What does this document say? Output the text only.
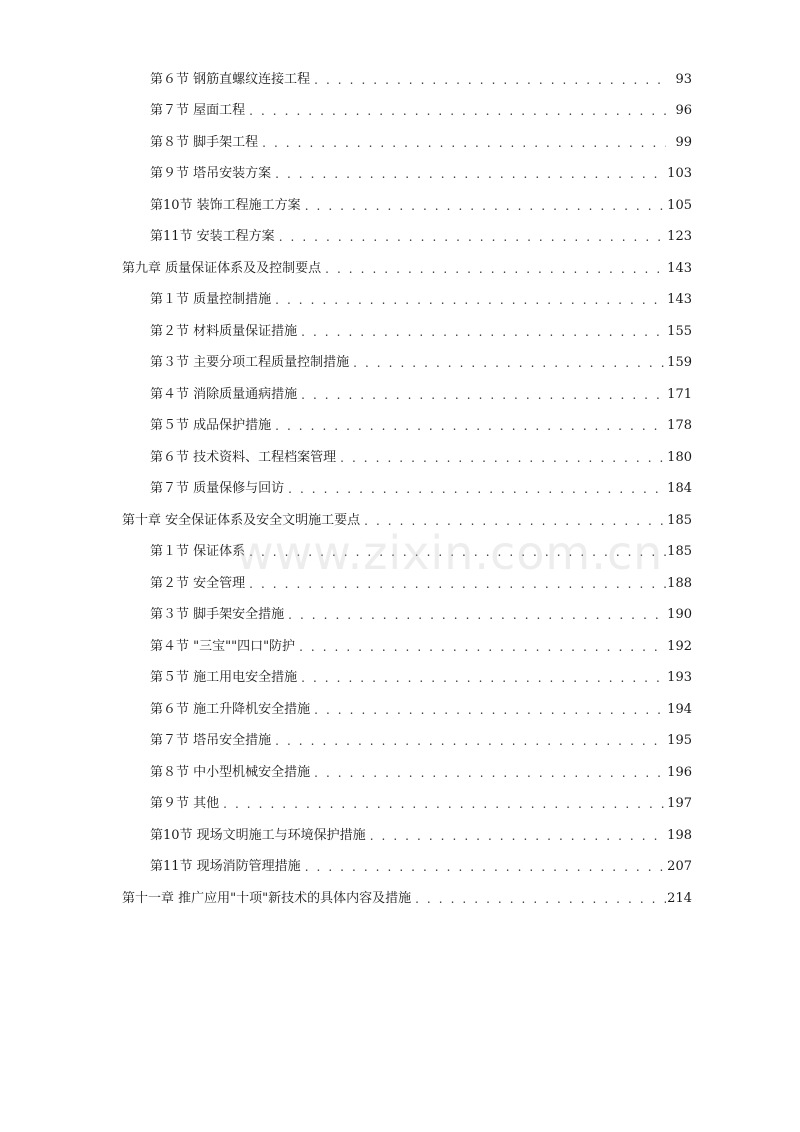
第６节 钢筋直螺纹连接工程 . . .	93
第７节 屋面工程 . . .	96
第８节 脚手架工程 . . .	99
第９节 塔吊安装方案 . . .	103
第10节 装饰工程施工方案 . . .	105
第11节 安装工程方案 . . .	123
第九章 质量保证体系及及控制要点 . . .	143
第１节 质量控制措施 . . .	143
第２节 材料质量保证措施 . . .	155
第３节 主要分项工程质量控制措施 . . .	159
第４节 消除质量通病措施 . . .	171
第５节 成品保护措施 . . .	178
第６节 技术资料、工程档案管理 . . .	180
第７节 质量保修与回访 . . .	184
第十章 安全保证体系及安全文明施工要点 . . .	185
第１节 保证体系 . . .	185
第２节 安全管理 . . .	188
第３节 脚手架安全措施 . . .	190
第４节 "三宝""四口"防护 . . .	192
第５节 施工用电安全措施 . . .	193
第６节 施工升降机安全措施 . . .	194
第７节 塔吊安全措施 . . .	195
第８节 中小型机械安全措施 . . .	196
第９节 其他 . . .	197
第10节 现场文明施工与环境保护措施 . . .	198
第11节 现场消防管理措施 . . .	207
第十一章 推广应用"十项"新技术的具体内容及措施 . . .	214
www.zixin.com.cn
